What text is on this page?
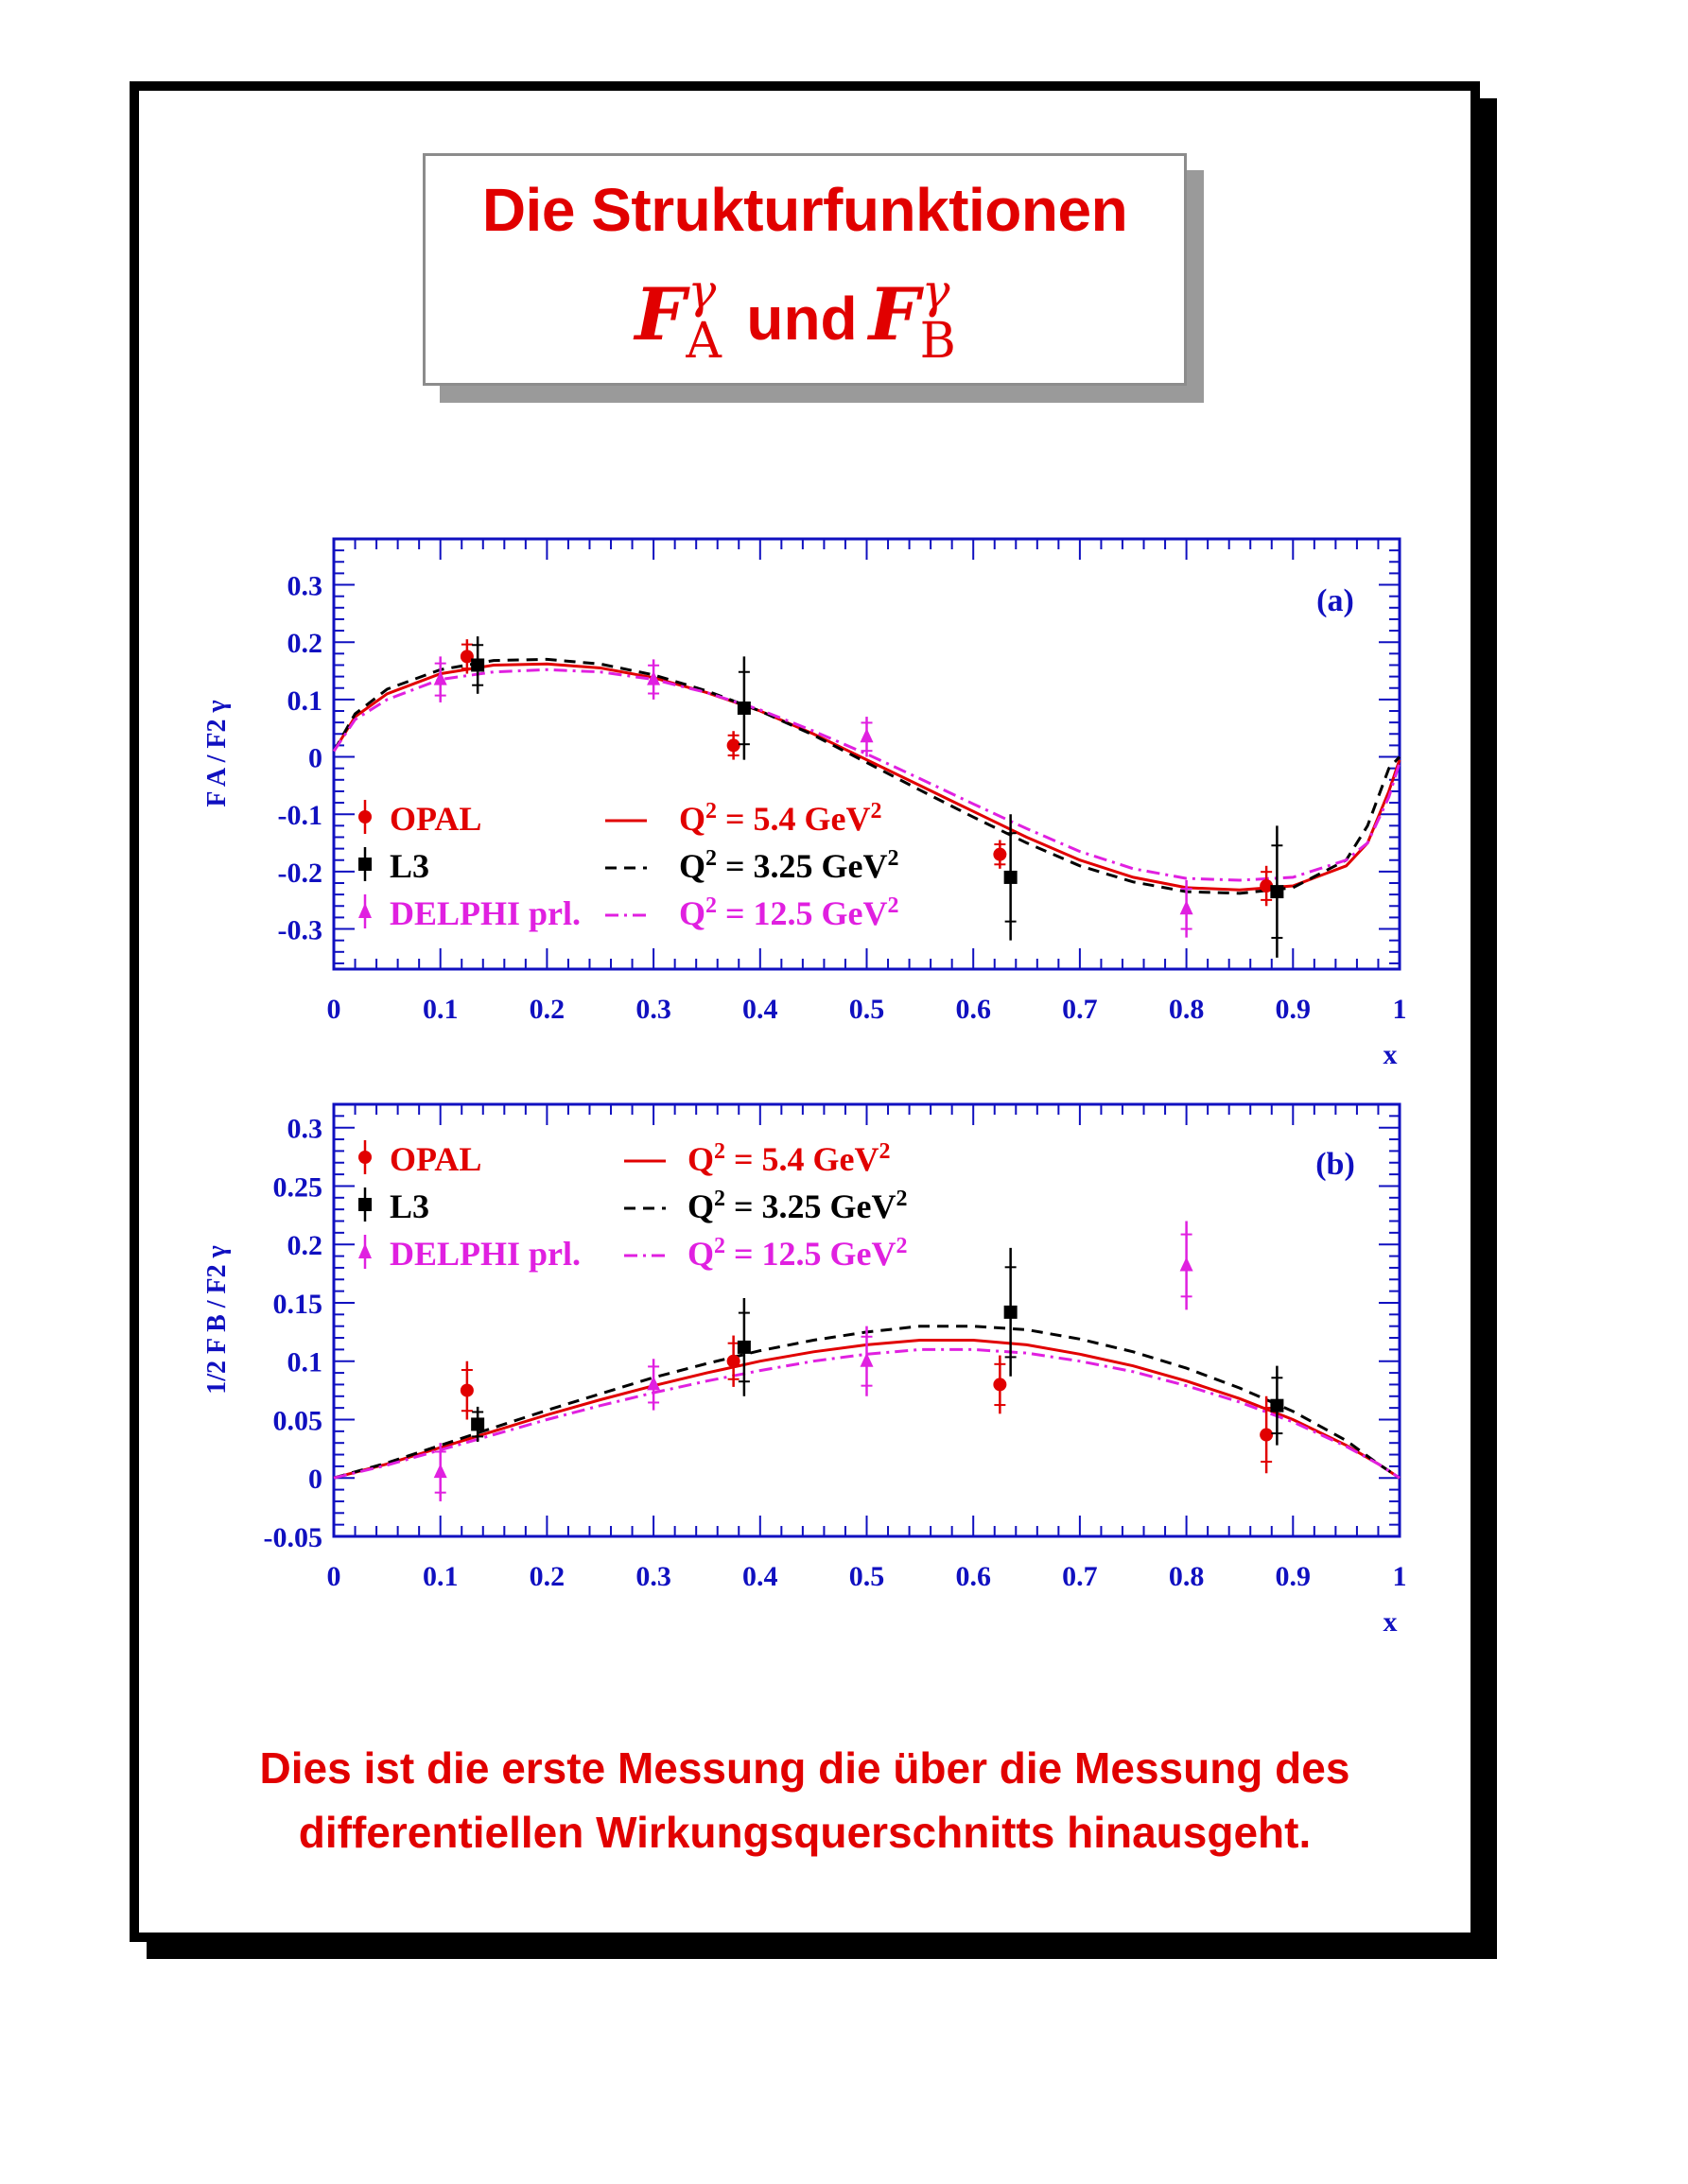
Die Strukturfunktionen
F γ
A und F γ
B
0	0.1	0.2	0.3	0.4	0.5	0.6	0.7	0.8	0.9	1
-0.3
-0.2
-0.1
0
0.1
0.2
0.3
x
F A / F2 γ
(a)
OPAL
L3
DELPHI prl.
$Q^2 = 5.4$ GeV$^2$
$Q^2 = 3.25$ GeV$^2$
$Q^2 = 12.5$ GeV$^2$
0	0.1	0.2	0.3	0.4	0.5	0.6	0.7	0.8	0.9	1
-0.05
0
0.05
0.1
0.15
0.2
0.25
0.3
x
1/2 F B / F2 γ
(b)
OPAL
L3
DELPHI prl.
$Q^2 = 5.4$ GeV$^2$
$Q^2 = 3.25$ GeV$^2$
$Q^2 = 12.5$ GeV$^2$
Dies ist die erste Messung die über die Messung des
differentiellen Wirkungsquerschnitts hinausgeht.
